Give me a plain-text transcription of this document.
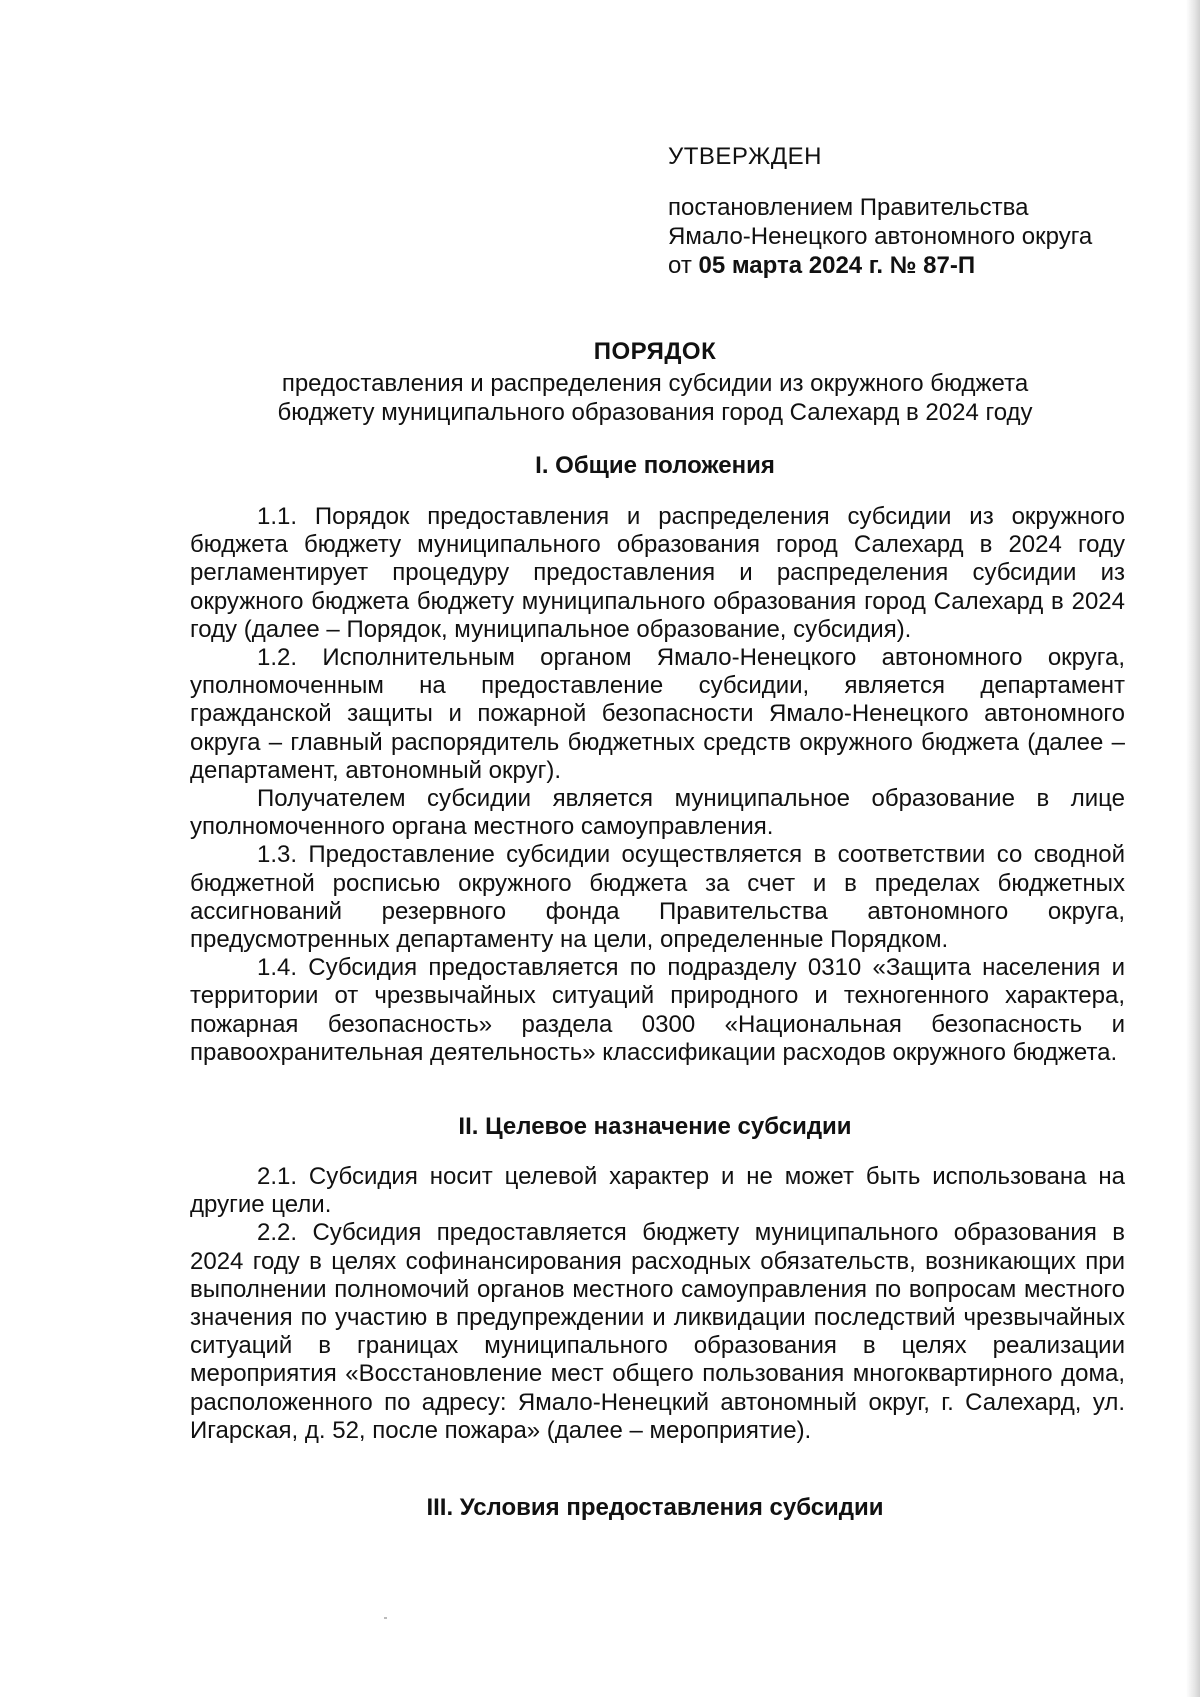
УТВЕРЖДЕН
постановлением Правительства
Ямало-Ненецкого автономного округа
от 05 марта 2024 г. № 87-П
ПОРЯДОК
предоставления и распределения субсидии из окружного бюджета бюджету муниципального образования город Салехард в 2024 году
I. Общие положения

1.1. Порядок предоставления и распределения субсидии из окружного бюджета бюджету муниципального образования город Салехард в 2024 году регламентирует процедуру предоставления и распределения субсидии из окружного бюджета бюджету муниципального образования город Салехард в 2024 году (далее – Порядок, муниципальное образование, субсидия).

1.2. Исполнительным органом Ямало-Ненецкого автономного округа, уполномоченным на предоставление субсидии, является департамент гражданской защиты и пожарной безопасности Ямало-Ненецкого автономного округа – главный распорядитель бюджетных средств окружного бюджета (далее – департамент, автономный округ).

Получателем субсидии является муниципальное образование в лице уполномоченного органа местного самоуправления.

1.3. Предоставление субсидии осуществляется в соответствии со сводной бюджетной росписью окружного бюджета за счет и в пределах бюджетных ассигнований резервного фонда Правительства автономного округа, предусмотренных департаменту на цели, определенные Порядком.

1.4. Субсидия предоставляется по подразделу 0310 «Защита населения и территории от чрезвычайных ситуаций природного и техногенного характера, пожарная безопасность» раздела 0300 «Национальная безопасность и правоохранительная деятельность» классификации расходов окружного бюджета.

II. Целевое назначение субсидии

2.1. Субсидия носит целевой характер и не может быть использована на другие цели.

2.2. Субсидия предоставляется бюджету муниципального образования в 2024 году в целях софинансирования расходных обязательств, возникающих при выполнении полномочий органов местного самоуправления по вопросам местного значения по участию в предупреждении и ликвидации последствий чрезвычайных ситуаций в границах муниципального образования в целях реализации мероприятия «Восстановление мест общего пользования многоквартирного дома, расположенного по адресу: Ямало-Ненецкий автономный округ, г. Салехард, ул. Игарская, д. 52, после пожара» (далее – мероприятие).

III. Условия предоставления субсидии
